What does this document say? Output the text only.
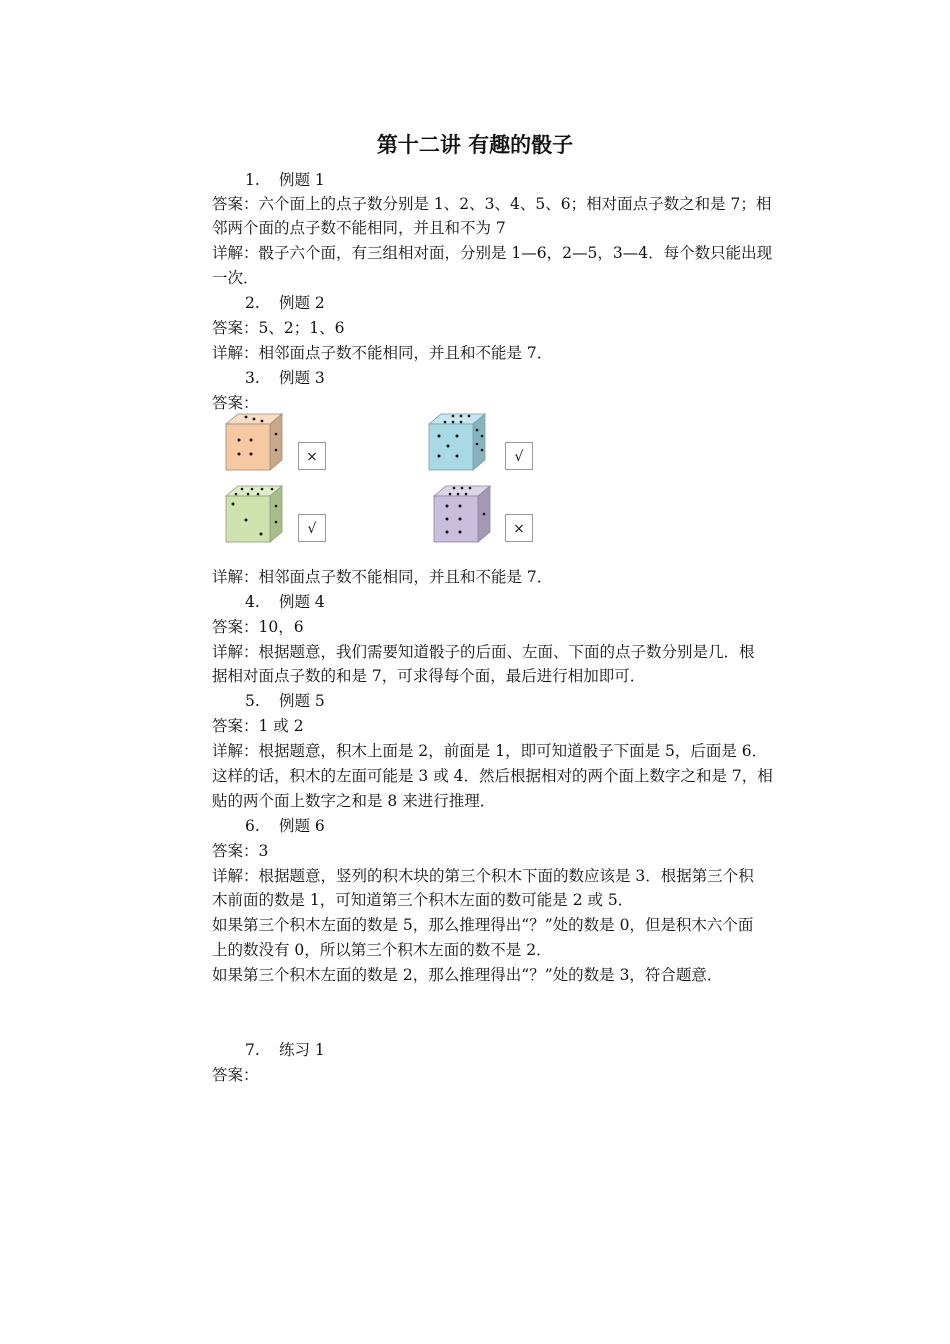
第十二讲 有趣的骰子
1. 例题 1
答案：六个面上的点子数分别是 1、2、3、4、5、6；相对面点子数之和是 7；相
邻两个面的点子数不能相同，并且和不为 7
详解：骰子六个面，有三组相对面，分别是 1—6，2—5，3—4．每个数只能出现
一次．
2. 例题 2
答案：5、2；1、6
详解：相邻面点子数不能相同，并且和不能是 7．
3. 例题 3
答案：
×	√
√	×
详解：相邻面点子数不能相同，并且和不能是 7．
4. 例题 4
答案：10，6
详解：根据题意，我们需要知道骰子的后面、左面、下面的点子数分别是几．根
据相对面点子数的和是 7，可求得每个面，最后进行相加即可．
5. 例题 5
答案：1 或 2
详解：根据题意，积木上面是 2，前面是 1，即可知道骰子下面是 5，后面是 6．
这样的话，积木的左面可能是 3 或 4．然后根据相对的两个面上数字之和是 7，相
贴的两个面上数字之和是 8 来进行推理．
6. 例题 6
答案：3
详解：根据题意，竖列的积木块的第三个积木下面的数应该是 3．根据第三个积
木前面的数是 1，可知道第三个积木左面的数可能是 2 或 5．
如果第三个积木左面的数是 5，那么推理得出“？”处的数是 0，但是积木六个面
上的数没有 0，所以第三个积木左面的数不是 2．
如果第三个积木左面的数是 2，那么推理得出“？”处的数是 3，符合题意．
7. 练习 1
答案：
